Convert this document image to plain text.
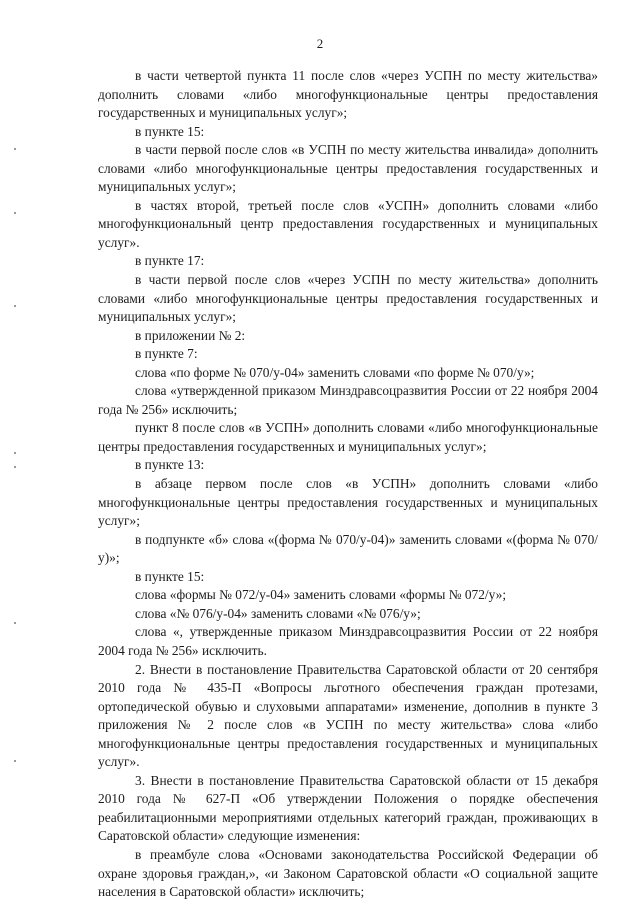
2

в части четвертой пункта 11 после слов «через УСПН по месту жительства» дополнить словами «либо многофункциональные центры предоставления государственных и муниципальных услуг»;

в пункте 15:

в части первой после слов «в УСПН по месту жительства инвалида» дополнить словами «либо многофункциональные центры предоставления государственных и муниципальных услуг»;

в частях второй, третьей после слов «УСПН» дополнить словами «либо многофункциональный центр предоставления государственных и муниципальных услуг».

в пункте 17:

в части первой после слов «через УСПН по месту жительства» дополнить словами «либо многофункциональные центры предоставления государственных и муниципальных услуг»;

в приложении № 2:

в пункте 7:

слова «по форме № 070/у-04» заменить словами «по форме № 070/у»;

слова «утвержденной приказом Минздравсоцразвития России от 22 ноября 2004 года № 256» исключить;

пункт 8 после слов «в УСПН» дополнить словами «либо многофункциональные центры предоставления государственных и муниципальных услуг»;

в пункте 13:

в абзаце первом после слов «в УСПН» дополнить словами «либо многофункциональные центры предоставления государственных и муниципальных услуг»;

в подпункте «б» слова «(форма № 070/у-04)» заменить словами «(форма № 070/у)»;

в пункте 15:

слова «формы № 072/у-04» заменить словами «формы № 072/у»;

слова «№ 076/у-04» заменить словами «№ 076/у»;

слова «, утвержденные приказом Минздравсоцразвития России от 22 ноября 2004 года № 256» исключить.

2. Внести в постановление Правительства Саратовской области от 20 сентября 2010 года № 435-П «Вопросы льготного обеспечения граждан протезами, ортопедической обувью и слуховыми аппаратами» изменение, дополнив в пункте 3 приложения № 2 после слов «в УСПН по месту жительства» слова «либо многофункциональные центры предоставления государственных и муниципальных услуг».

3. Внести в постановление Правительства Саратовской области от 15 декабря 2010 года № 627-П «Об утверждении Положения о порядке обеспечения реабилитационными мероприятиями отдельных категорий граждан, проживающих в Саратовской области» следующие изменения:

в преамбуле слова «Основами законодательства Российской Федерации об охране здоровья граждан,», «и Законом Саратовской области «О социальной защите населения в Саратовской области» исключить;
